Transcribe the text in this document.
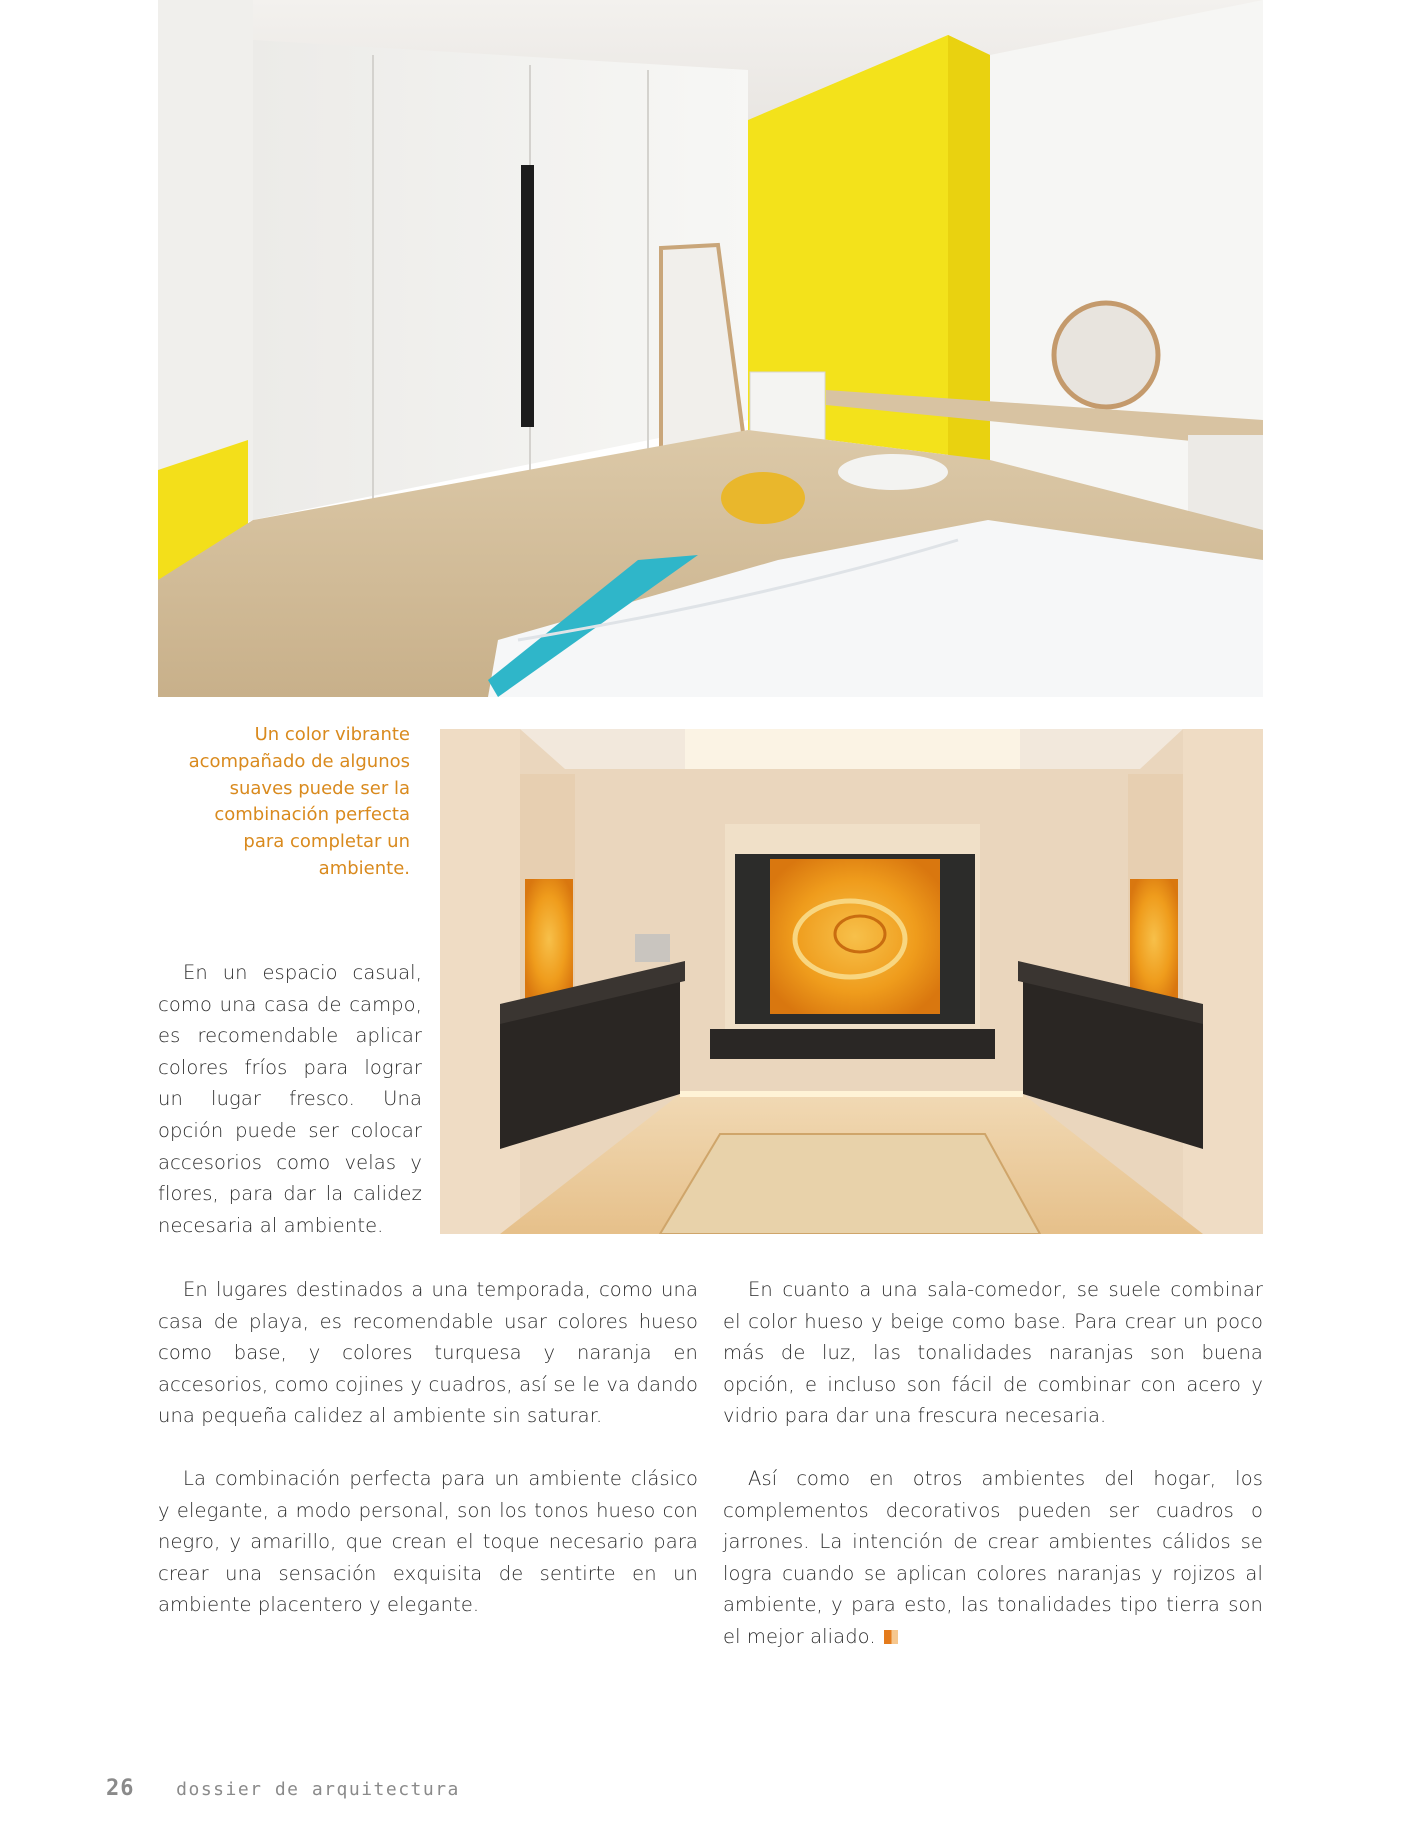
Un color vibrante acompañado de algunos suaves puede ser la combinación perfecta para completar un ambiente.

En un espacio casual, como una casa de campo, es recomendable aplicar colores fríos para lograr un lugar fresco. Una opción puede ser colocar accesorios como velas y flores, para dar la calidez necesaria al ambiente.

En lugares destinados a una temporada, como una casa de playa, es recomendable usar colores hueso como base, y colores turquesa y naranja en accesorios, como cojines y cuadros, así se le va dando una pequeña calidez al ambiente sin saturar.

La combinación perfecta para un ambiente clásico y elegante, a modo personal, son los tonos hueso con negro, y amarillo, que crean el toque necesario para crear una sensación exquisita de sentirte en un ambiente placentero y elegante.

En cuanto a una sala-comedor, se suele combinar el color hueso y beige como base. Para crear un poco más de luz, las tonalidades naranjas son buena opción, e incluso son fácil de combinar con acero y vidrio para dar una frescura necesaria.

Así como en otros ambientes del hogar, los complementos decorativos pueden ser cuadros o jarrones. La intención de crear ambientes cálidos se logra cuando se aplican colores naranjas y rojizos al ambiente, y para esto, las tonalidades tipo tierra son el mejor aliado.

26 dossier de arquitectura
